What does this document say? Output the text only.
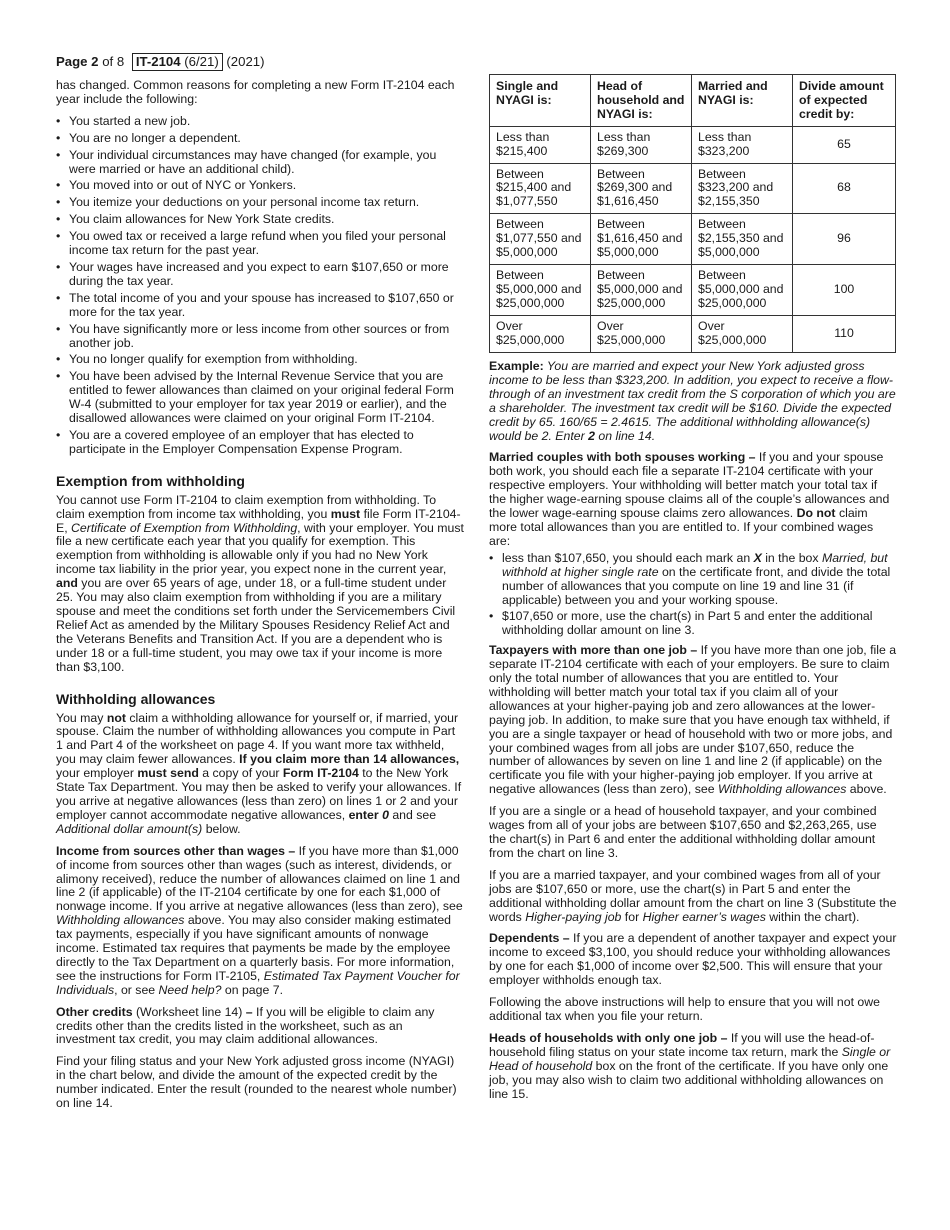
Page 2 of 8 IT-2104 (6/21) (2021)

has changed. Common reasons for completing a new Form IT-2104 each year include the following:

• You started a new job.
• You are no longer a dependent.
• Your individual circumstances may have changed (for example, you were married or have an additional child).
• You moved into or out of NYC or Yonkers.
• You itemize your deductions on your personal income tax return.
• You claim allowances for New York State credits.
• You owed tax or received a large refund when you filed your personal income tax return for the past year.
• Your wages have increased and you expect to earn $107,650 or more during the tax year.
• The total income of you and your spouse has increased to $107,650 or more for the tax year.
• You have significantly more or less income from other sources or from another job.
• You no longer qualify for exemption from withholding.
• You have been advised by the Internal Revenue Service that you are entitled to fewer allowances than claimed on your original federal Form W-4 (submitted to your employer for tax year 2019 or earlier), and the disallowed allowances were claimed on your original Form IT-2104.
• You are a covered employee of an employer that has elected to participate in the Employer Compensation Expense Program.
Exemption from withholding

You cannot use Form IT-2104 to claim exemption from withholding. To claim exemption from income tax withholding, you must file Form IT-2104-E, Certificate of Exemption from Withholding, with your employer. You must file a new certificate each year that you qualify for exemption. This exemption from withholding is allowable only if you had no New York income tax liability in the prior year, you expect none in the current year, and you are over 65 years of age, under 18, or a full-time student under 25. You may also claim exemption from withholding if you are a military spouse and meet the conditions set forth under the Servicemembers Civil Relief Act as amended by the Military Spouses Residency Relief Act and the Veterans Benefits and Transition Act. If you are a dependent who is under 18 or a full-time student, you may owe tax if your income is more than $3,100.

Withholding allowances

You may not claim a withholding allowance for yourself or, if married, your spouse. Claim the number of withholding allowances you compute in Part 1 and Part 4 of the worksheet on page 4. If you want more tax withheld, you may claim fewer allowances. If you claim more than 14 allowances, your employer must send a copy of your Form IT-2104 to the New York State Tax Department. You may then be asked to verify your allowances. If you arrive at negative allowances (less than zero) on lines 1 or 2 and your employer cannot accommodate negative allowances, enter 0 and see Additional dollar amount(s) below.

Income from sources other than wages – If you have more than $1,000 of income from sources other than wages (such as interest, dividends, or alimony received), reduce the number of allowances claimed on line 1 and line 2 (if applicable) of the IT-2104 certificate by one for each $1,000 of nonwage income. If you arrive at negative allowances (less than zero), see Withholding allowances above. You may also consider making estimated tax payments, especially if you have significant amounts of nonwage income. Estimated tax requires that payments be made by the employee directly to the Tax Department on a quarterly basis. For more information, see the instructions for Form IT-2105, Estimated Tax Payment Voucher for Individuals, or see Need help? on page 7.

Other credits (Worksheet line 14) – If you will be eligible to claim any credits other than the credits listed in the worksheet, such as an investment tax credit, you may claim additional allowances.

Find your filing status and your New York adjusted gross income (NYAGI) in the chart below, and divide the amount of the expected credit by the number indicated. Enter the result (rounded to the nearest whole number) on line 14.

Single and NYAGI is:	Head of household and NYAGI is:	Married and NYAGI is:	Divide amount of expected credit by:
Less than $215,400	Less than $269,300	Less than $323,200	65
Between $215,400 and $1,077,550	Between $269,300 and $1,616,450	Between $323,200 and $2,155,350	68
Between $1,077,550 and $5,000,000	Between $1,616,450 and $5,000,000	Between $2,155,350 and $5,000,000	96
Between $5,000,000 and $25,000,000	Between $5,000,000 and $25,000,000	Between $5,000,000 and $25,000,000	100
Over $25,000,000	Over $25,000,000	Over $25,000,000	110

Example: You are married and expect your New York adjusted gross income to be less than $323,200. In addition, you expect to receive a flow-through of an investment tax credit from the S corporation of which you are a shareholder. The investment tax credit will be $160. Divide the expected credit by 65. 160/65 = 2.4615. The additional withholding allowance(s) would be 2. Enter 2 on line 14.

Married couples with both spouses working – If you and your spouse both work, you should each file a separate IT-2104 certificate with your respective employers. Your withholding will better match your total tax if the higher wage-earning spouse claims all of the couple’s allowances and the lower wage-earning spouse claims zero allowances. Do not claim more total allowances than you are entitled to. If your combined wages are:

• less than $107,650, you should each mark an X in the box Married, but withhold at higher single rate on the certificate front, and divide the total number of allowances that you compute on line 19 and line 31 (if applicable) between you and your working spouse.
• $107,650 or more, use the chart(s) in Part 5 and enter the additional withholding dollar amount on line 3.

Taxpayers with more than one job – If you have more than one job, file a separate IT-2104 certificate with each of your employers. Be sure to claim only the total number of allowances that you are entitled to. Your withholding will better match your total tax if you claim all of your allowances at your higher-paying job and zero allowances at the lower-paying job. In addition, to make sure that you have enough tax withheld, if you are a single taxpayer or head of household with two or more jobs, and your combined wages from all jobs are under $107,650, reduce the number of allowances by seven on line 1 and line 2 (if applicable) on the certificate you file with your higher-paying job employer. If you arrive at negative allowances (less than zero), see Withholding allowances above.

If you are a single or a head of household taxpayer, and your combined wages from all of your jobs are between $107,650 and $2,263,265, use the chart(s) in Part 6 and enter the additional withholding dollar amount from the chart on line 3.

If you are a married taxpayer, and your combined wages from all of your jobs are $107,650 or more, use the chart(s) in Part 5 and enter the additional withholding dollar amount from the chart on line 3 (Substitute the words Higher-paying job for Higher earner’s wages within the chart).

Dependents – If you are a dependent of another taxpayer and expect your income to exceed $3,100, you should reduce your withholding allowances by one for each $1,000 of income over $2,500. This will ensure that your employer withholds enough tax.

Following the above instructions will help to ensure that you will not owe additional tax when you file your return.

Heads of households with only one job – If you will use the head-of-household filing status on your state income tax return, mark the Single or Head of household box on the front of the certificate. If you have only one job, you may also wish to claim two additional withholding allowances on line 15.
